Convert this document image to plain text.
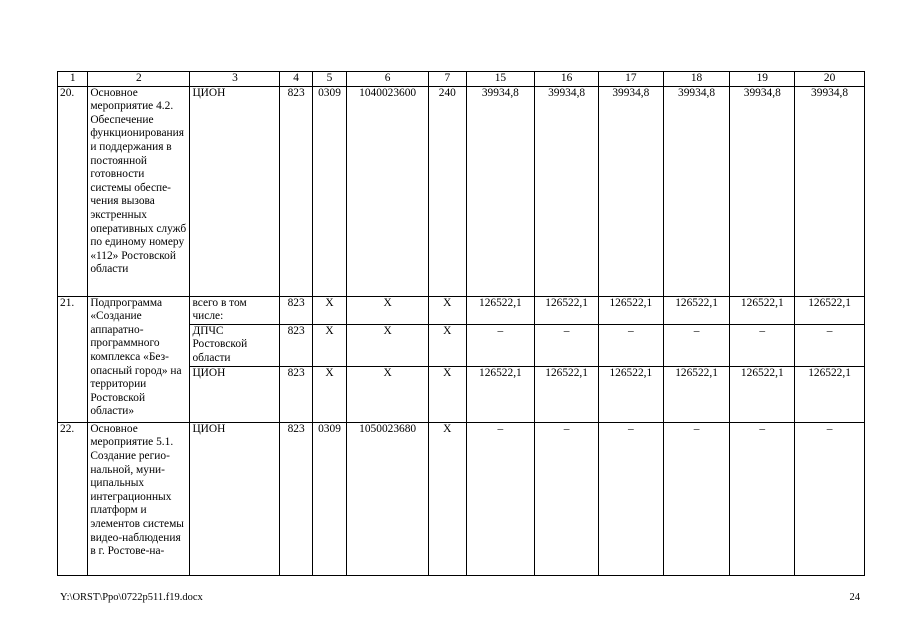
1	2	3	4	5	6	7	15	16	17	18	19	20
20.	Основное мероприятие 4.2. Обеспечение функционирования и поддержания в постоянной готовности системы обеспе-чения вызова экстренных оперативных служб по единому номеру «112» Ростовской области	ЦИОН	823	0309	1040023600	240	39934,8	39934,8	39934,8	39934,8	39934,8	39934,8
21.	Подпрограмма «Создание аппаратно-программного комплекса «Без-опасный город» на территории Ростовской области»	всего в том числе:	823	Х	Х	Х	126522,1	126522,1	126522,1	126522,1	126522,1	126522,1
		ДПЧС Ростовской области	823	Х	Х	Х	–	–	–	–	–	–
		ЦИОН	823	Х	Х	Х	126522,1	126522,1	126522,1	126522,1	126522,1	126522,1
22.	Основное мероприятие 5.1. Создание регио-нальной, муни-ципальных интеграционных платформ и элементов системы видео-наблюдения в г. Ростове-на-	ЦИОН	823	0309	1050023680	Х	–	–	–	–	–	–
Y:\ORST\Ppo\0722p511.f19.docx	24
